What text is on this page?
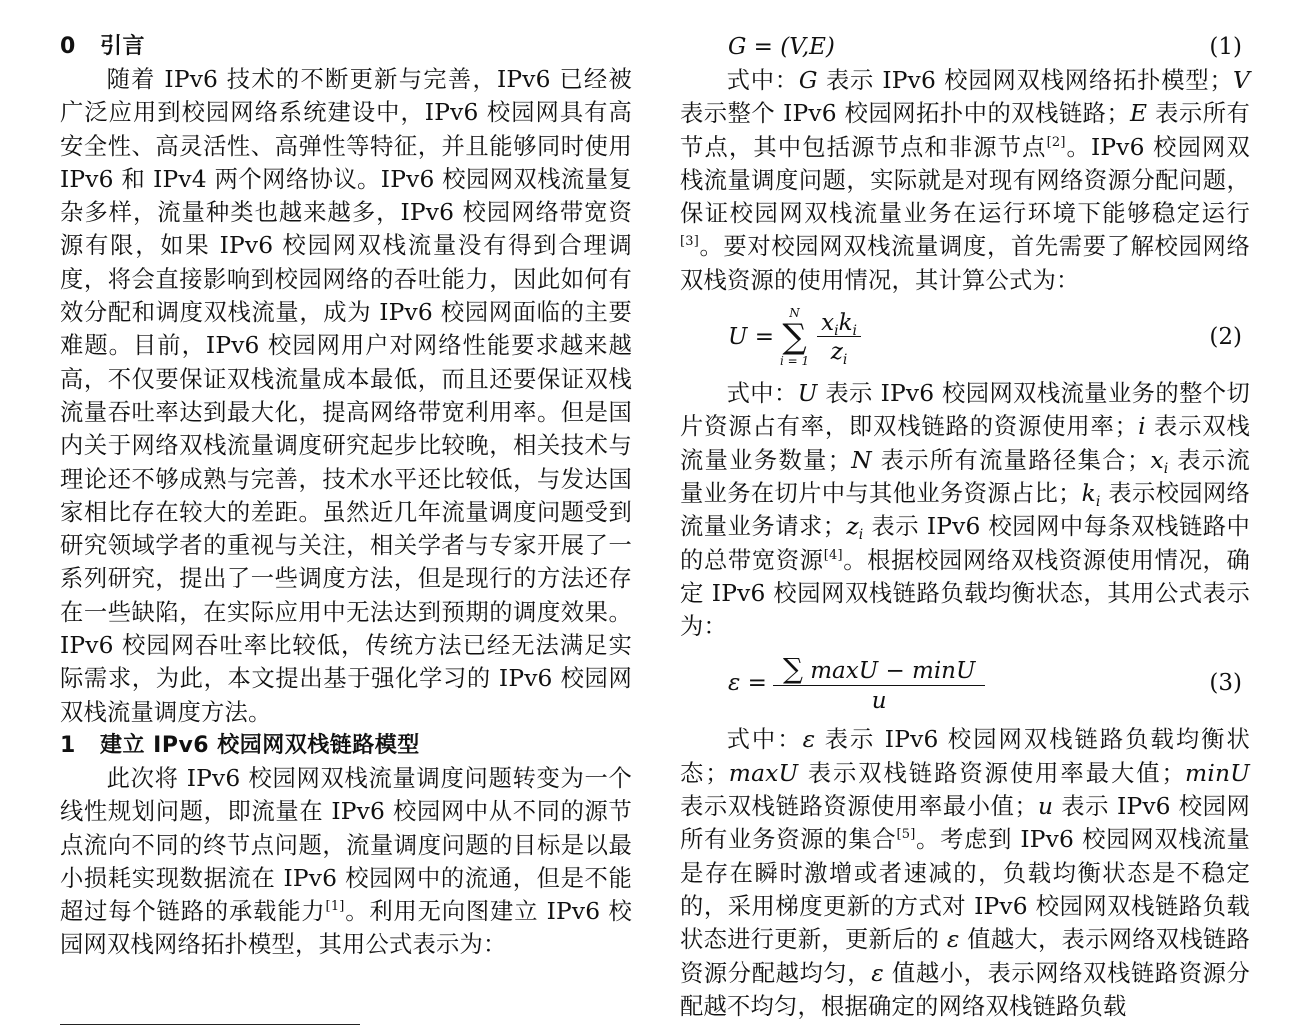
0 引言

随着 IPv6 技术的不断更新与完善，IPv6 已经被广泛应用到校园网络系统建设中，IPv6 校园网具有高安全性、高灵活性、高弹性等特征，并且能够同时使用 IPv6 和 IPv4 两个网络协议。IPv6 校园网双栈流量复杂多样，流量种类也越来越多，IPv6 校园网络带宽资源有限，如果 IPv6 校园网双栈流量没有得到合理调度，将会直接影响到校园网络的吞吐能力，因此如何有效分配和调度双栈流量，成为 IPv6 校园网面临的主要难题。目前，IPv6 校园网用户对网络性能要求越来越高，不仅要保证双栈流量成本最低，而且还要保证双栈流量吞吐率达到最大化，提高网络带宽利用率。但是国内关于网络双栈流量调度研究起步比较晚，相关技术与理论还不够成熟与完善，技术水平还比较低，与发达国家相比存在较大的差距。虽然近几年流量调度问题受到研究领域学者的重视与关注，相关学者与专家开展了一系列研究，提出了一些调度方法，但是现行的方法还存在一些缺陷，在实际应用中无法达到预期的调度效果。IPv6 校园网吞吐率比较低，传统方法已经无法满足实际需求，为此，本文提出基于强化学习的 IPv6 校园网双栈流量调度方法。

1 建立 IPv6 校园网双栈链路模型

此次将 IPv6 校园网双栈流量调度问题转变为一个线性规划问题，即流量在 IPv6 校园网中从不同的源节点流向不同的终节点问题，流量调度问题的目标是以最小损耗实现数据流在 IPv6 校园网中的流通，但是不能超过每个链路的承载能力[1]。利用无向图建立 IPv6 校园网双栈网络拓扑模型，其用公式表示为：

G = (V,E)	(1)

式中：G 表示 IPv6 校园网双栈网络拓扑模型；V 表示整个 IPv6 校园网拓扑中的双栈链路；E 表示所有节点，其中包括源节点和非源节点[2]。IPv6 校园网双栈流量调度问题，实际就是对现有网络资源分配问题，保证校园网双栈流量业务在运行环境下能够稳定运行[3]。要对校园网双栈流量调度，首先需要了解校园网络双栈资源的使用情况，其计算公式为：

U =
N
∑
$i = 1 \frac{x_ik_i}{z_i}$	(2)

式中：U 表示 IPv6 校园网双栈流量业务的整个切片资源占有率，即双栈链路的资源使用率；i 表示双栈流量业务数量；N 表示所有流量路径集合；$x_i$ 表示流量业务在切片中与其他业务资源占比；$k_i$ 表示校园网络流量业务请求；$z_i$ 表示 IPv6 校园网中每条双栈链路中的总带宽资源[4]。根据校园网络双栈资源使用情况，确定 IPv6 校园网双栈链路负载均衡状态，其用公式表示为：

$\varepsilon = \frac{\sum \max U - \min U}{u}$	(3)

式中：ε 表示 IPv6 校园网双栈链路负载均衡状态；maxU 表示双栈链路资源使用率最大值；minU 表示双栈链路资源使用率最小值；u 表示 IPv6 校园网所有业务资源的集合[5]。考虑到 IPv6 校园网双栈流量是存在瞬时激增或者速减的，负载均衡状态是不稳定的，采用梯度更新的方式对 IPv6 校园网双栈链路负载状态进行更新，更新后的 ε 值越大，表示网络双栈链路资源分配越均匀，ε 值越小，表示网络双栈链路资源分配越不均匀，根据确定的网络双栈链路负载
